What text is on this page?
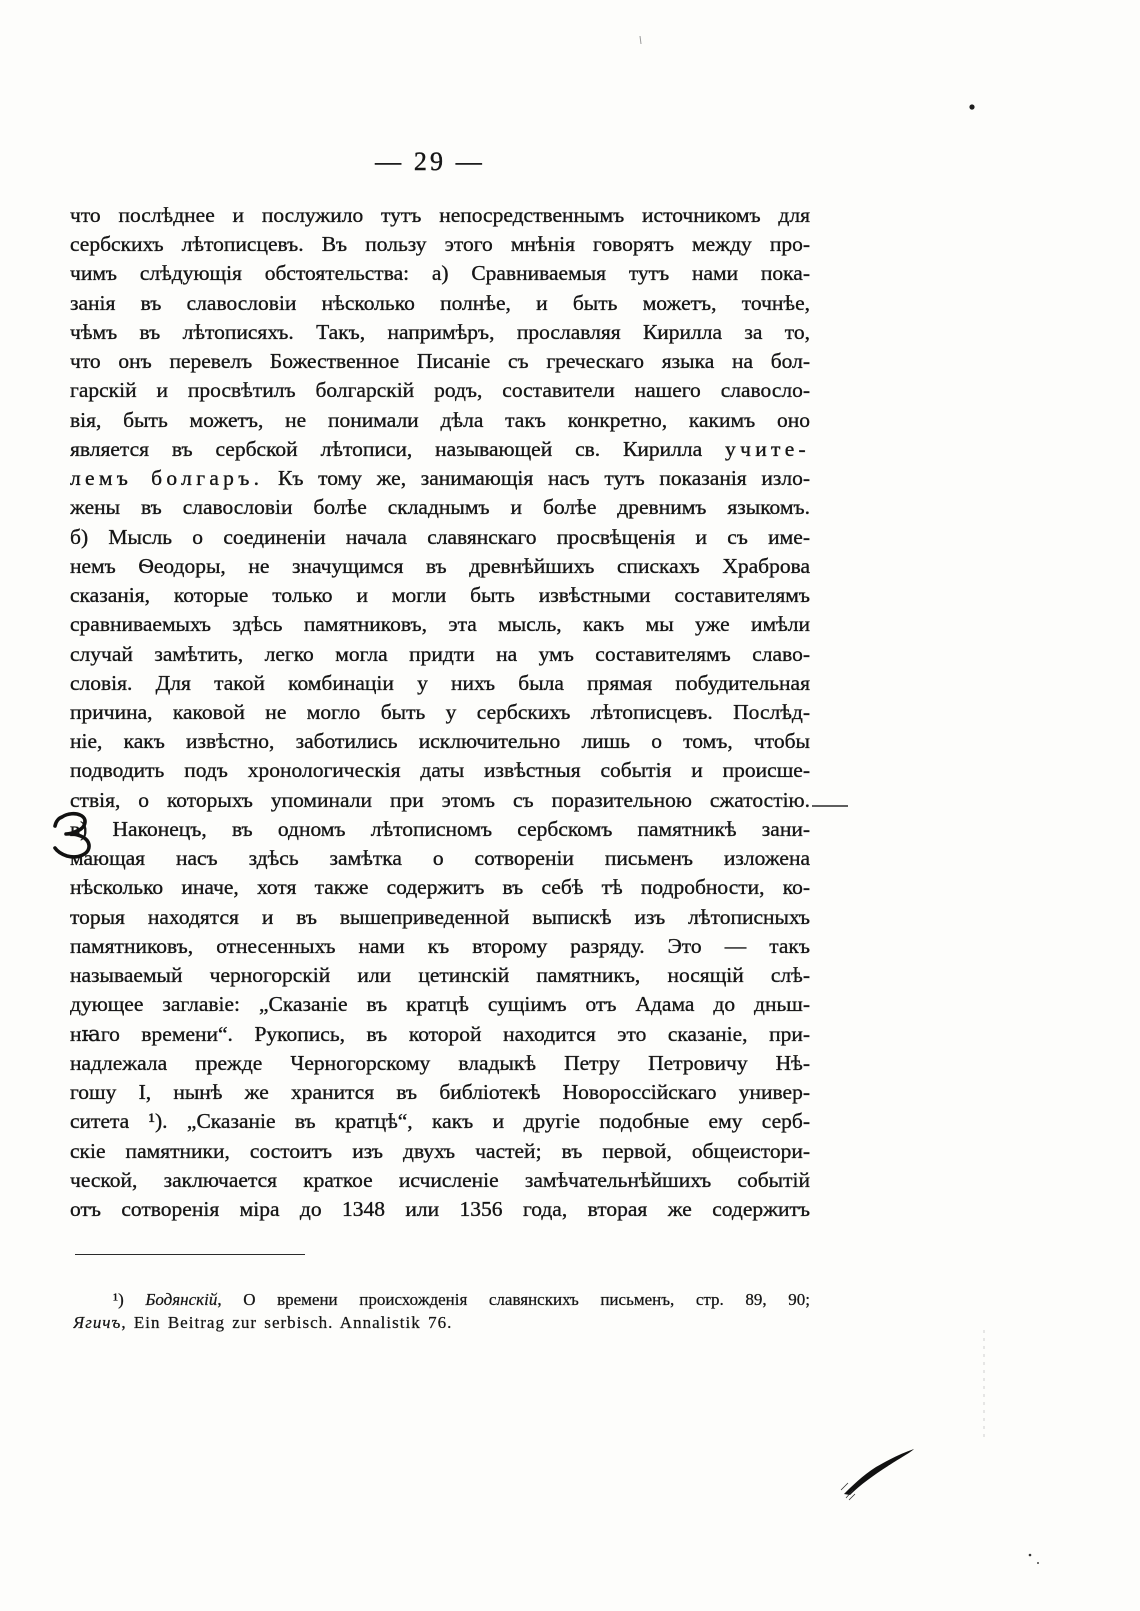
— 29 —
что послѣднее и послужило тутъ непосредственнымъ источникомъ для
сербскихъ лѣтописцевъ. Въ пользу этого мнѣнія говорятъ между про-
чимъ слѣдующія обстоятельства: а) Сравниваемыя тутъ нами пока-
занія въ славословіи нѣсколько полнѣе, и быть можетъ, точнѣе,
чѣмъ въ лѣтописяхъ. Такъ, напримѣръ, прославляя Кирилла за то,
что онъ перевелъ Божественное Писаніе съ греческаго языка на бол-
гарскій и просвѣтилъ болгарскій родъ, составители нашего славосло-
вія, быть можетъ, не понимали дѣла такъ конкретно, какимъ оно
является въ сербской лѣтописи, называющей св. Кирилла учите-
лемъ болгаръ. Къ тому же, занимающія насъ тутъ показанія изло-
жены въ славословіи болѣе складнымъ и болѣе древнимъ языкомъ.
б) Мысль о соединеніи начала славянскаго просвѣщенія и съ име-
немъ Ѳеодоры, не значущимся въ древнѣйшихъ спискахъ Храброва
сказанія, которые только и могли быть извѣстными составителямъ
сравниваемыхъ здѣсь памятниковъ, эта мысль, какъ мы уже имѣли
случай замѣтить, легко могла придти на умъ составителямъ славо-
словія. Для такой комбинаціи у нихъ была прямая побудительная
причина, каковой не могло быть у сербскихъ лѣтописцевъ. Послѣд-
ніе, какъ извѣстно, заботились исключительно лишь о томъ, чтобы
подводить подъ хронологическія даты извѣстныя событія и происше-
ствія, о которыхъ упоминали при этомъ съ поразительною сжатостію.
в) Наконецъ, въ одномъ лѣтописномъ сербскомъ памятникѣ зани-
мающая насъ здѣсь замѣтка о сотвореніи письменъ изложена
нѣсколько иначе, хотя также содержитъ въ себѣ тѣ подробности, ко-
торыя находятся и въ вышеприведенной выпискѣ изъ лѣтописныхъ
памятниковъ, отнесенныхъ нами къ второму разряду. Это — такъ
называемый черногорскій или цетинскій памятникъ, носящій слѣ-
дующее заглавіе: „Сказаніе въ кратцѣ сущіимъ отъ Адама до дньш-
нꙗго времени“. Рукопись, въ которой находится это сказаніе, при-
надлежала прежде Черногорскому владыкѣ Петру Петровичу Нѣ-
гошу I, нынѣ же хранится въ библіотекѣ Новороссійскаго универ-
ситета ¹). „Сказаніе въ кратцѣ“, какъ и другіе подобные ему серб-
скіе памятники, состоитъ изъ двухъ частей; въ первой, общеистори-
ческой, заключается краткое исчисленіе замѣчательнѣйшихъ событій
отъ сотворенія міра до 1348 или 1356 года, вторая же содержитъ
¹) Бодянскій, О времени происхожденія славянскихъ письменъ, стр. 89, 90;
Ягичъ, Ein Beitrag zur serbisch. Annalistik 76.
